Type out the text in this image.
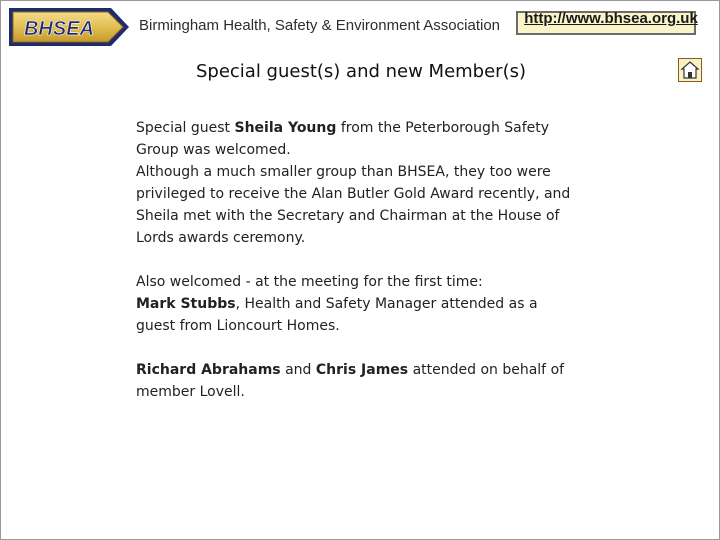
BHSEA	Birmingham Health, Safety & Environment Association http://www.bhsea.org.uk
Special guest(s) and new Member(s)

Special guest Sheila Young from the Peterborough Safety Group was welcomed.

Although a much smaller group than BHSEA, they too were privileged to receive the Alan Butler Gold Award recently, and Sheila met with the Secretary and Chairman at the House of Lords awards ceremony.

Also welcomed - at the meeting for the first time:

Mark Stubbs, Health and Safety Manager attended as a guest from Lioncourt Homes.

Richard Abrahams and Chris James attended on behalf of member Lovell.
